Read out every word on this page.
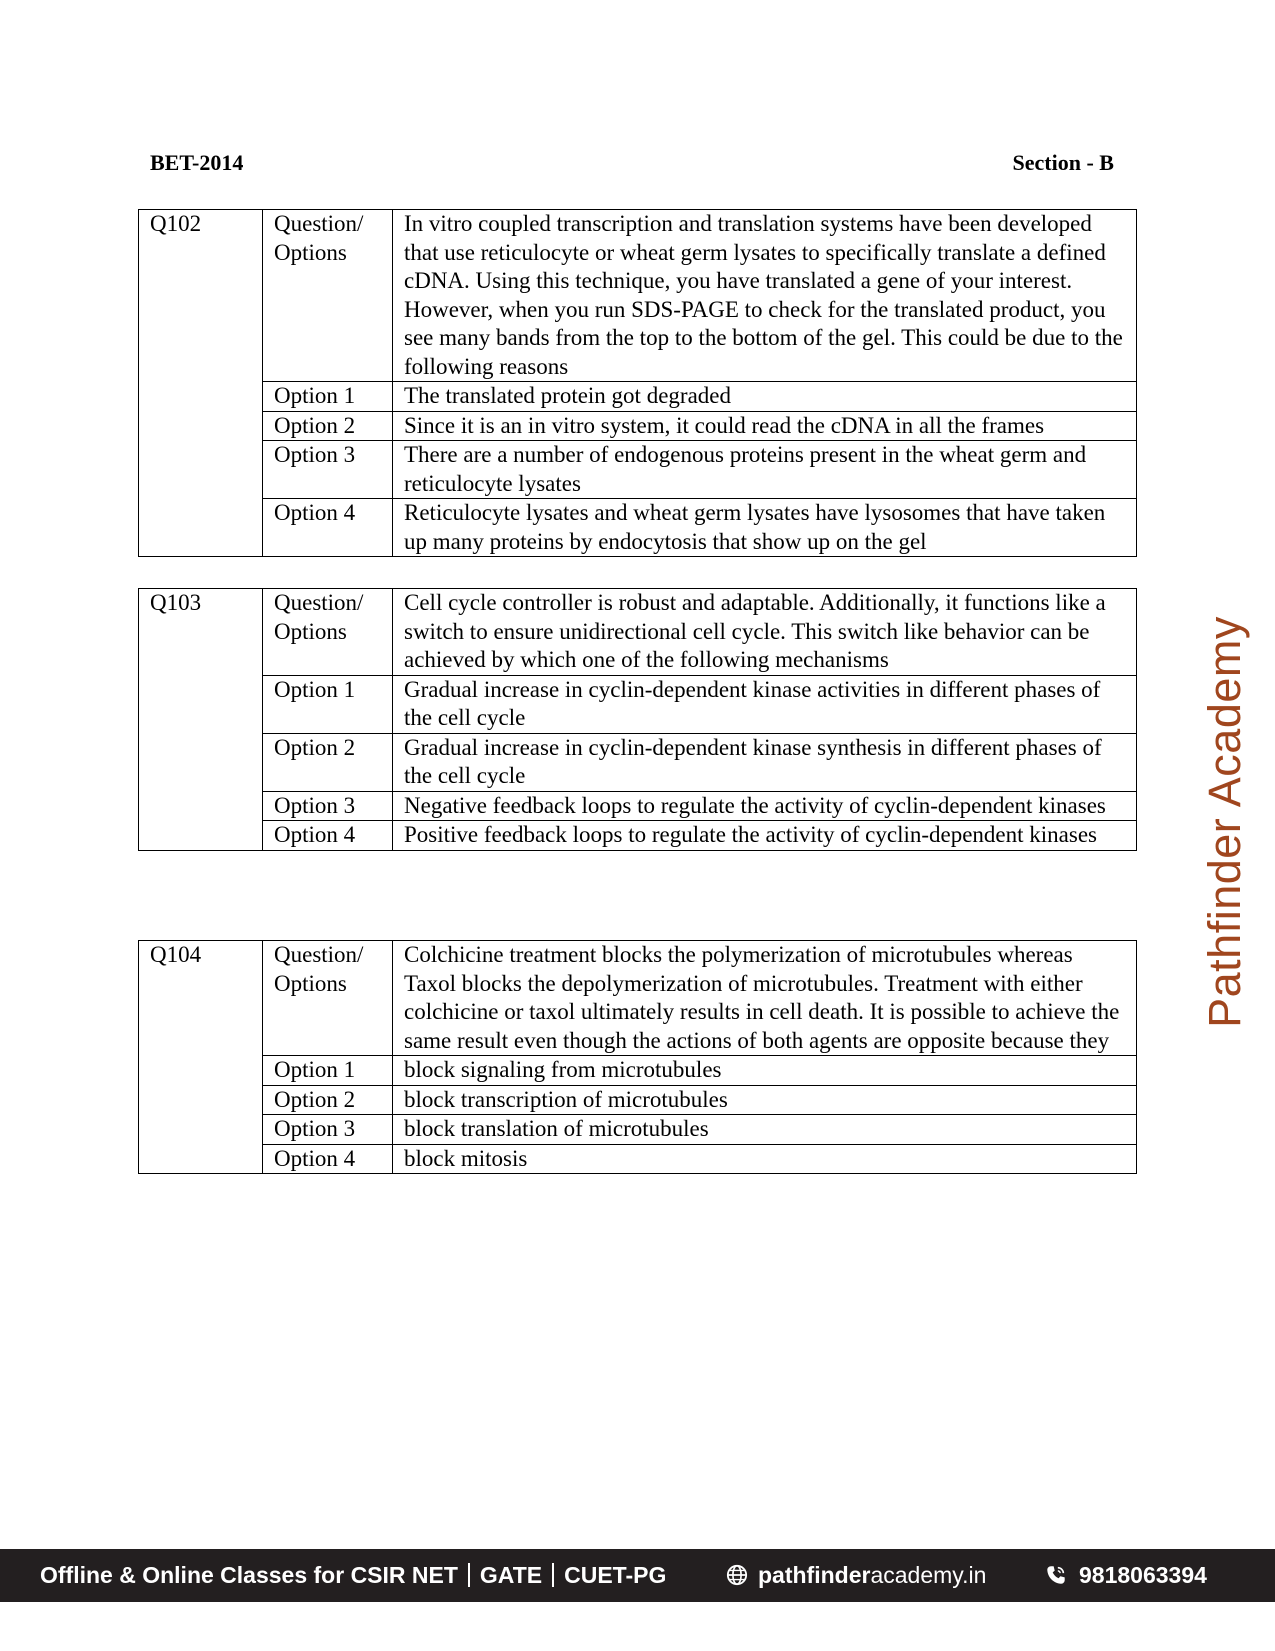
BET-2014	Section - B
Q102	Question/ Options	In vitro coupled transcription and translation systems have been developed that use reticulocyte or wheat germ lysates to specifically translate a defined cDNA. Using this technique, you have translated a gene of your interest. However, when you run SDS-PAGE to check for the translated product, you see many bands from the top to the bottom of the gel. This could be due to the following reasons
	Option 1	The translated protein got degraded
	Option 2	Since it is an in vitro system, it could read the cDNA in all the frames
	Option 3	There are a number of endogenous proteins present in the wheat germ and reticulocyte lysates
	Option 4	Reticulocyte lysates and wheat germ lysates have lysosomes that have taken up many proteins by endocytosis that show up on the gel
Q103	Question/ Options	Cell cycle controller is robust and adaptable. Additionally, it functions like a switch to ensure unidirectional cell cycle. This switch like behavior can be achieved by which one of the following mechanisms
	Option 1	Gradual increase in cyclin-dependent kinase activities in different phases of the cell cycle
	Option 2	Gradual increase in cyclin-dependent kinase synthesis in different phases of the cell cycle
	Option 3	Negative feedback loops to regulate the activity of cyclin-dependent kinases
	Option 4	Positive feedback loops to regulate the activity of cyclin-dependent kinases
Q104	Question/ Options	Colchicine treatment blocks the polymerization of microtubules whereas Taxol blocks the depolymerization of microtubules. Treatment with either colchicine or taxol ultimately results in cell death. It is possible to achieve the same result even though the actions of both agents are opposite because they
	Option 1	block signaling from microtubules
	Option 2	block transcription of microtubules
	Option 3	block translation of microtubules
	Option 4	block mitosis
Pathfinder Academy
Offline & Online Classes for CSIR NET GATE CUET-PG	pathfinderacademy.in	9818063394
